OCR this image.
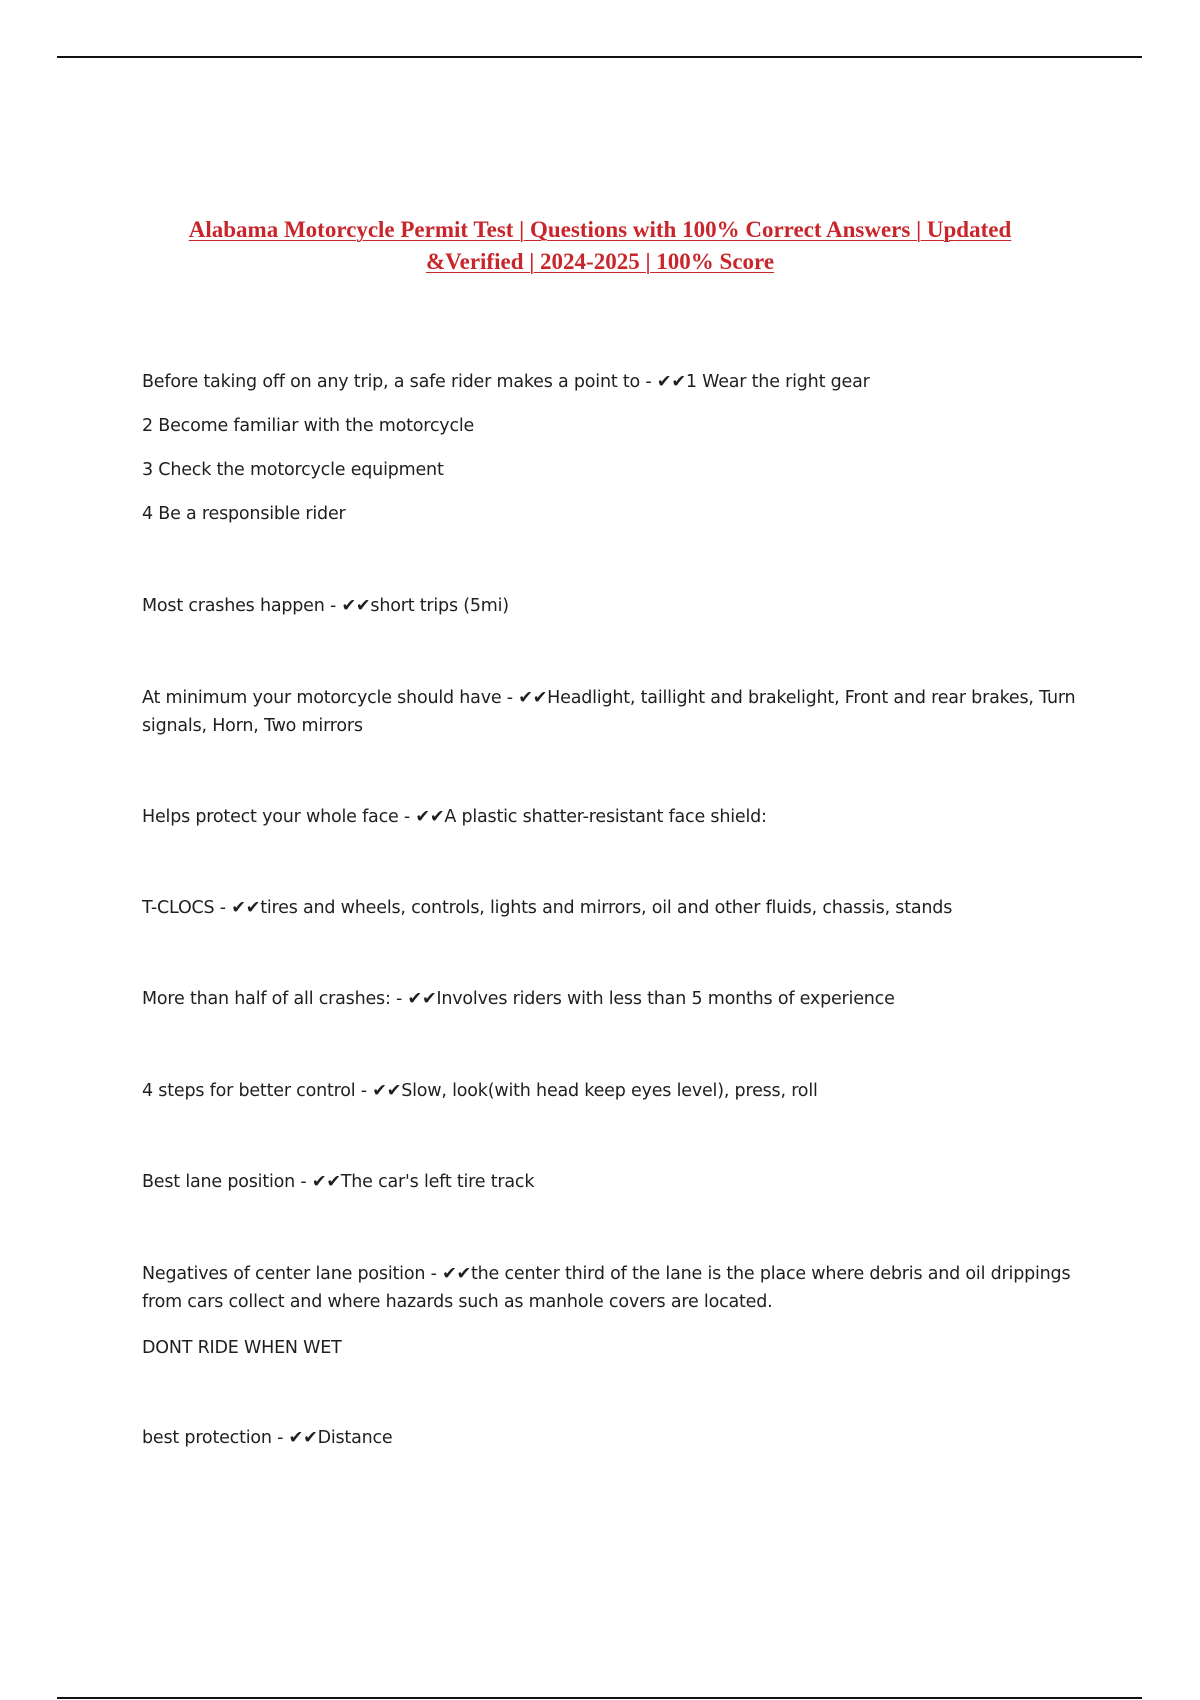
Alabama Motorcycle Permit Test | Questions with 100% Correct Answers | Updated
&Verified | 2024-2025 | 100% Score
Before taking off on any trip, a safe rider makes a point to - ✔✔1 Wear the right gear
2 Become familiar with the motorcycle
3 Check the motorcycle equipment
4 Be a responsible rider
Most crashes happen - ✔✔short trips (5mi)
At minimum your motorcycle should have - ✔✔Headlight, taillight and brakelight, Front and rear brakes, Turn signals, Horn, Two mirrors
Helps protect your whole face - ✔✔A plastic shatter-resistant face shield:
T-CLOCS - ✔✔tires and wheels, controls, lights and mirrors, oil and other fluids, chassis, stands
More than half of all crashes: - ✔✔Involves riders with less than 5 months of experience
4 steps for better control - ✔✔Slow, look(with head keep eyes level), press, roll
Best lane position - ✔✔The car's left tire track
Negatives of center lane position - ✔✔the center third of the lane is the place where debris and oil drippings from cars collect and where hazards such as manhole covers are located.
DONT RIDE WHEN WET
best protection - ✔✔Distance
